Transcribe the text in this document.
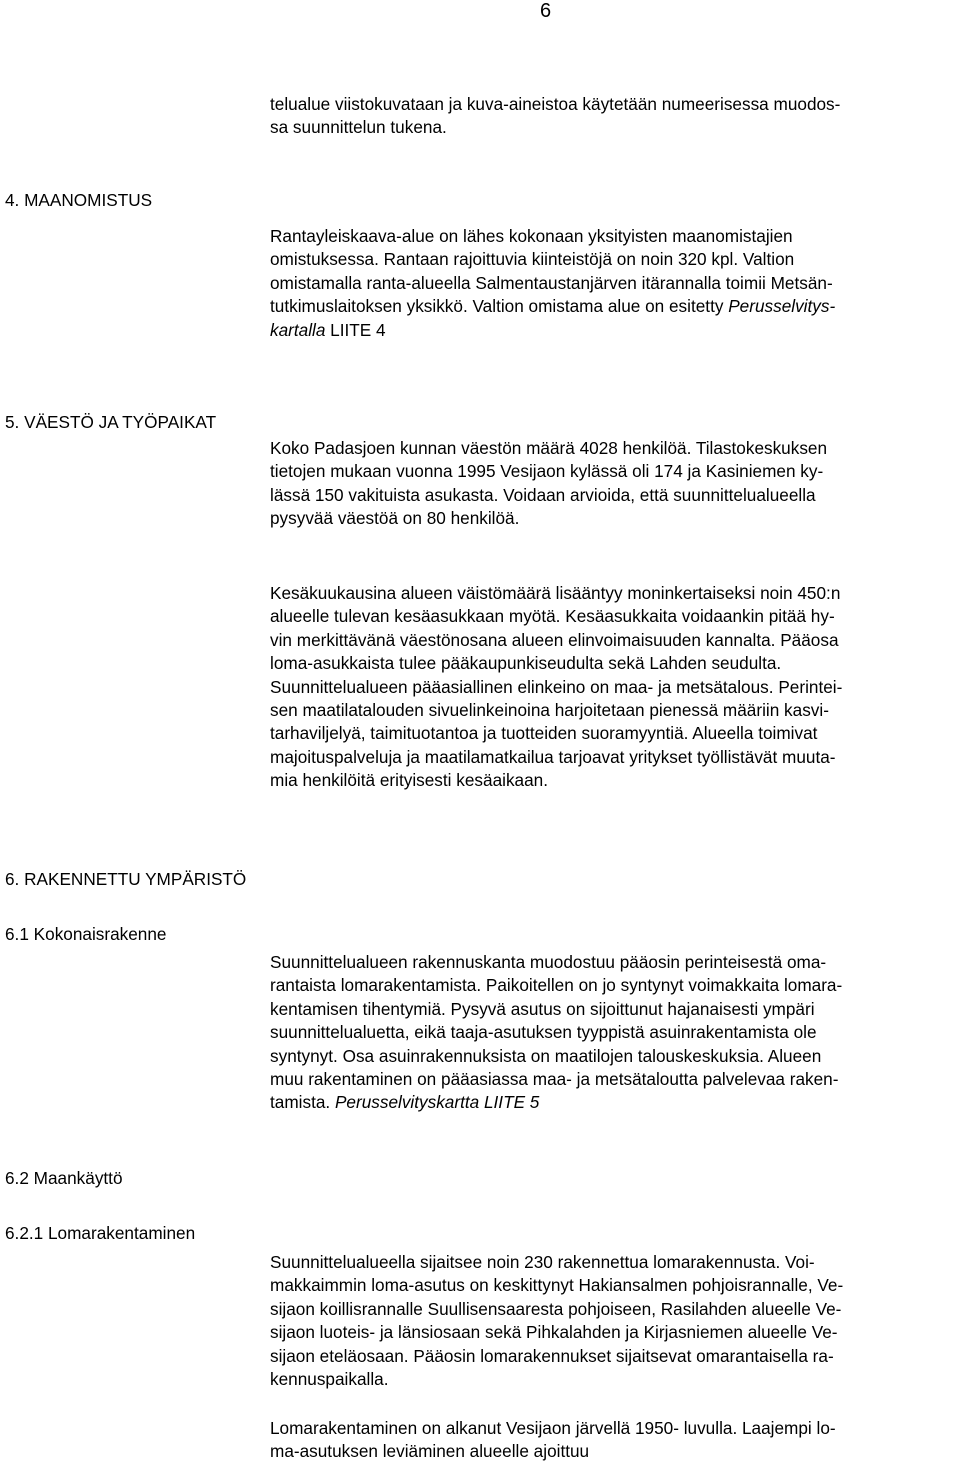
6
telualue viistokuvataan ja kuva-aineistoa käytetään numeerisessa muodos-
sa suunnittelun tukena.
4. MAANOMISTUS
Rantayleiskaava-alue on lähes kokonaan yksityisten maanomistajien
omistuksessa. Rantaan rajoittuvia kiinteistöjä on noin 320 kpl. Valtion
omistamalla ranta-alueella Salmentaustanjärven itärannalla toimii Metsän-
tutkimuslaitoksen yksikkö. Valtion omistama alue on esitetty Perusselvitys-
kartalla LIITE 4
5. VÄESTÖ JA TYÖPAIKAT
Koko Padasjoen kunnan väestön määrä 4028 henkilöä. Tilastokeskuksen
tietojen mukaan vuonna 1995 Vesijaon kylässä oli 174 ja Kasiniemen ky-
lässä 150 vakituista asukasta. Voidaan arvioida, että suunnittelualueella
pysyvää väestöä on 80 henkilöä.
Kesäkuukausina alueen väistömäärä lisääntyy moninkertaiseksi noin 450:n
alueelle tulevan kesäasukkaan myötä. Kesäasukkaita voidaankin pitää hy-
vin merkittävänä väestönosana alueen elinvoimaisuuden kannalta. Pääosa
loma-asukkaista tulee pääkaupunkiseudulta sekä Lahden seudulta.
Suunnittelualueen pääasiallinen elinkeino on maa- ja metsätalous. Perintei-
sen maatilatalouden sivuelinkeinoina harjoitetaan pienessä määriin kasvi-
tarhaviljelyä, taimituotantoa ja tuotteiden suoramyyntiä. Alueella toimivat
majoituspalveluja ja maatilamatkailua tarjoavat yritykset työllistävät muuta-
mia henkilöitä erityisesti kesäaikaan.
6. RAKENNETTU YMPÄRISTÖ
6.1 Kokonaisrakenne
Suunnittelualueen rakennuskanta muodostuu pääosin perinteisestä oma-
rantaista lomarakentamista. Paikoitellen on jo syntynyt voimakkaita lomara-
kentamisen tihentymiä. Pysyvä asutus on sijoittunut hajanaisesti ympäri
suunnittelualuetta, eikä taaja-asutuksen tyyppistä asuinrakentamista ole
syntynyt. Osa asuinrakennuksista on maatilojen talouskeskuksia. Alueen
muu rakentaminen on pääasiassa maa- ja metsätaloutta palvelevaa raken-
tamista. Perusselvityskartta LIITE 5
6.2 Maankäyttö
6.2.1 Lomarakentaminen
Suunnittelualueella sijaitsee noin 230 rakennettua lomarakennusta. Voi-
makkaimmin loma-asutus on keskittynyt Hakiansalmen pohjoisrannalle, Ve-
sijaon koillisrannalle Suullisensaaresta pohjoiseen, Rasilahden alueelle Ve-
sijaon luoteis- ja länsiosaan sekä Pihkalahden ja Kirjasniemen alueelle Ve-
sijaon eteläosaan. Pääosin lomarakennukset sijaitsevat omarantaisella ra-
kennuspaikalla.
Lomarakentaminen on alkanut Vesijaon järvellä 1950- luvulla. Laajempi lo-
ma-asutuksen leviäminen alueelle ajoittuu
